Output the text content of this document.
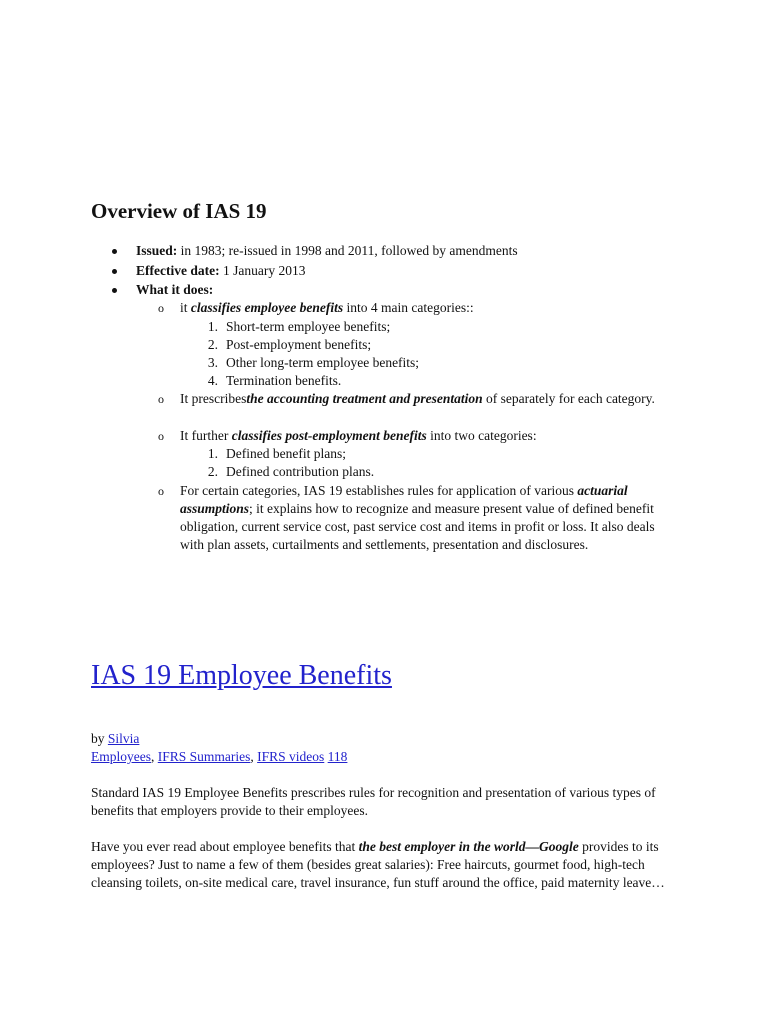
Overview of IAS 19
Issued: in 1983; re-issued in 1998 and 2011, followed by amendments
Effective date: 1 January 2013
What it does:
o it classifies employee benefits into 4 main categories::
1. Short-term employee benefits;
2. Post-employment benefits;
3. Other long-term employee benefits;
4. Termination benefits.
o It prescribesthe accounting treatment and presentation of separately for each category.
o It further classifies post-employment benefits into two categories:
1. Defined benefit plans;
2. Defined contribution plans.
o For certain categories, IAS 19 establishes rules for application of various actuarial assumptions; it explains how to recognize and measure present value of defined benefit obligation, current service cost, past service cost and items in profit or loss. It also deals with plan assets, curtailments and settlements, presentation and disclosures.
IAS 19 Employee Benefits

by Silvia

Employees, IFRS Summaries, IFRS videos 118

Standard IAS 19 Employee Benefits prescribes rules for recognition and presentation of various types of benefits that employers provide to their employees.

Have you ever read about employee benefits that the best employer in the world—Google provides to its employees? Just to name a few of them (besides great salaries): Free haircuts, gourmet food, high-tech cleansing toilets, on-site medical care, travel insurance, fun stuff around the office, paid maternity leave…
